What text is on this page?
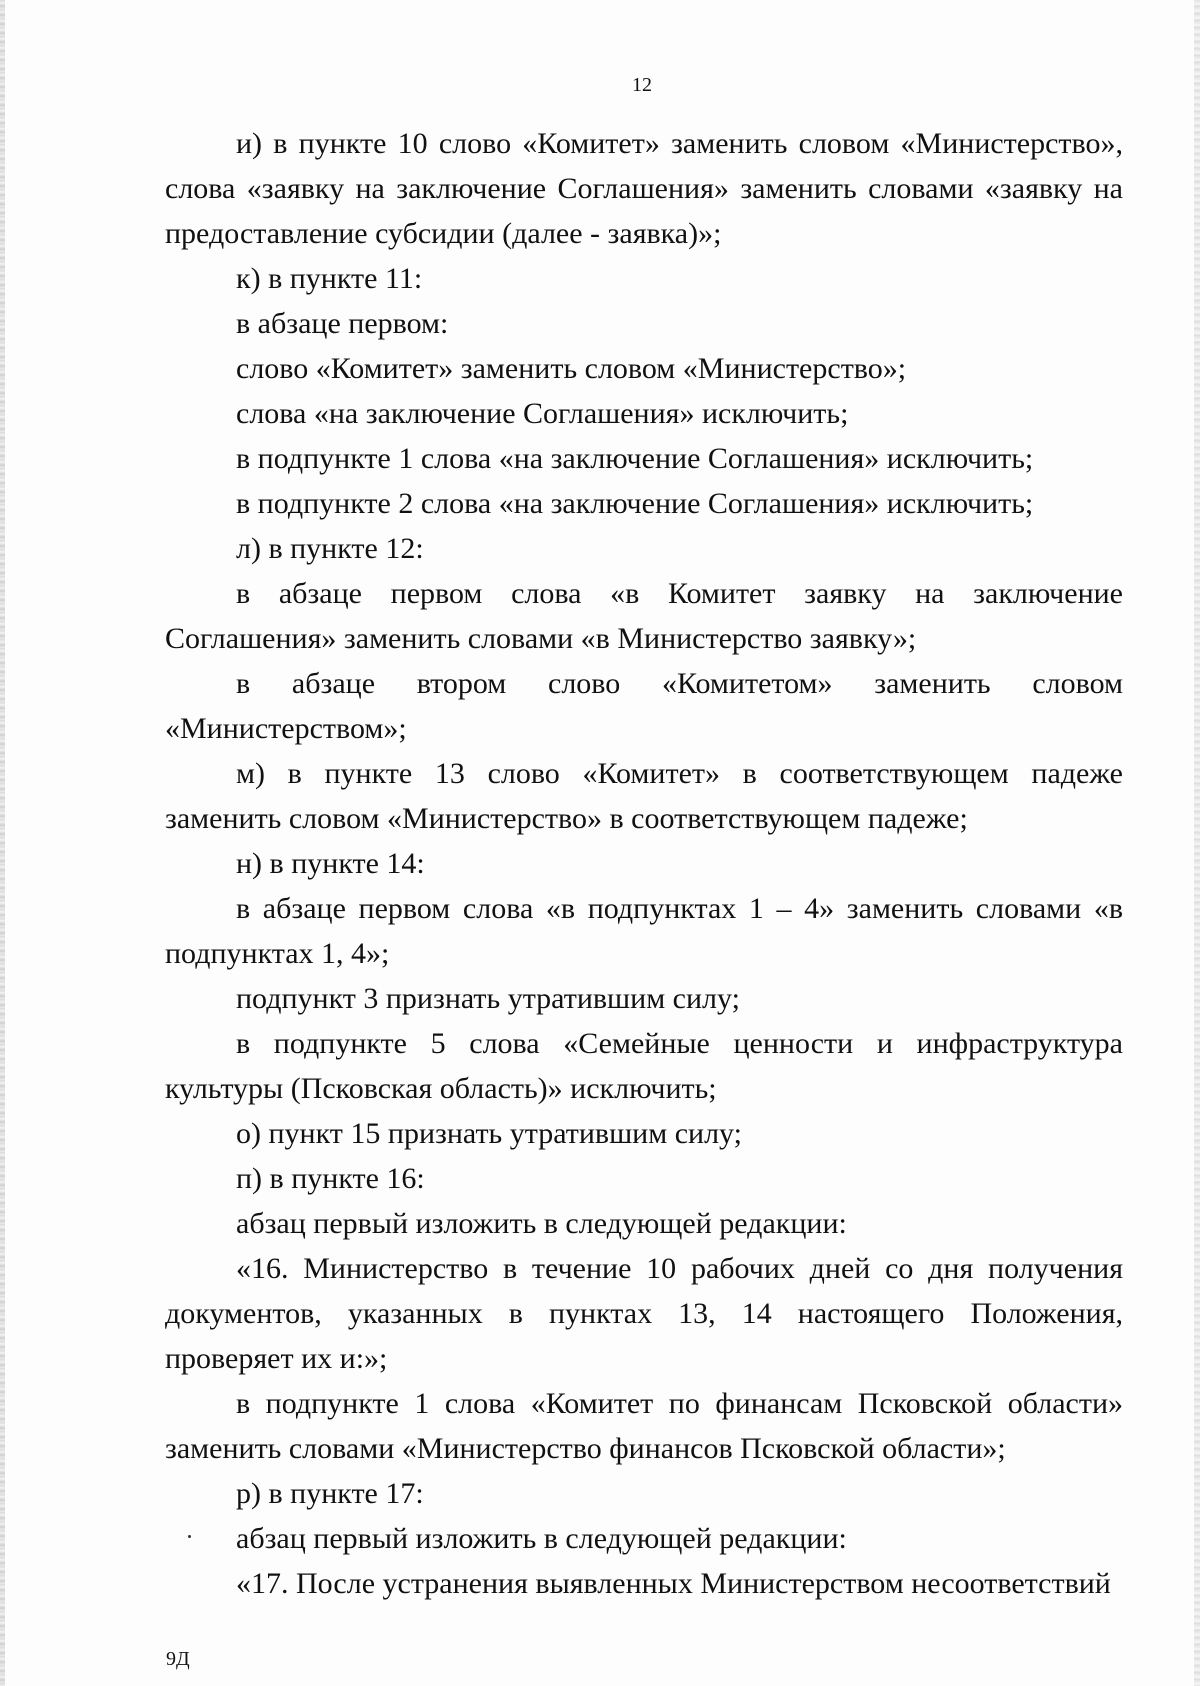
12

и) в пункте 10 слово «Комитет» заменить словом «Министерство», слова «заявку на заключение Соглашения» заменить словами «заявку на предоставление субсидии (далее - заявка)»;

к) в пункте 11:

в абзаце первом:

слово «Комитет» заменить словом «Министерство»;

слова «на заключение Соглашения» исключить;

в подпункте 1 слова «на заключение Соглашения» исключить;

в подпункте 2 слова «на заключение Соглашения» исключить;

л) в пункте 12:

в абзаце первом слова «в Комитет заявку на заключение Соглашения» заменить словами «в Министерство заявку»;

в абзаце втором слово «Комитетом» заменить словом «Министерством»;

м) в пункте 13 слово «Комитет» в соответствующем падеже заменить словом «Министерство» в соответствующем падеже;

н) в пункте 14:

в абзаце первом слова «в подпунктах 1 – 4» заменить словами «в подпунктах 1, 4»;

подпункт 3 признать утратившим силу;

в подпункте 5 слова «Семейные ценности и инфраструктура культуры (Псковская область)» исключить;

о) пункт 15 признать утратившим силу;

п) в пункте 16:

абзац первый изложить в следующей редакции:

«16. Министерство в течение 10 рабочих дней со дня получения документов, указанных в пунктах 13, 14 настоящего Положения, проверяет их и:»;

в подпункте 1 слова «Комитет по финансам Псковской области» заменить словами «Министерство финансов Псковской области»;

р) в пункте 17:

абзац первый изложить в следующей редакции:

«17. После устранения выявленных Министерством несоответствий

9Д
